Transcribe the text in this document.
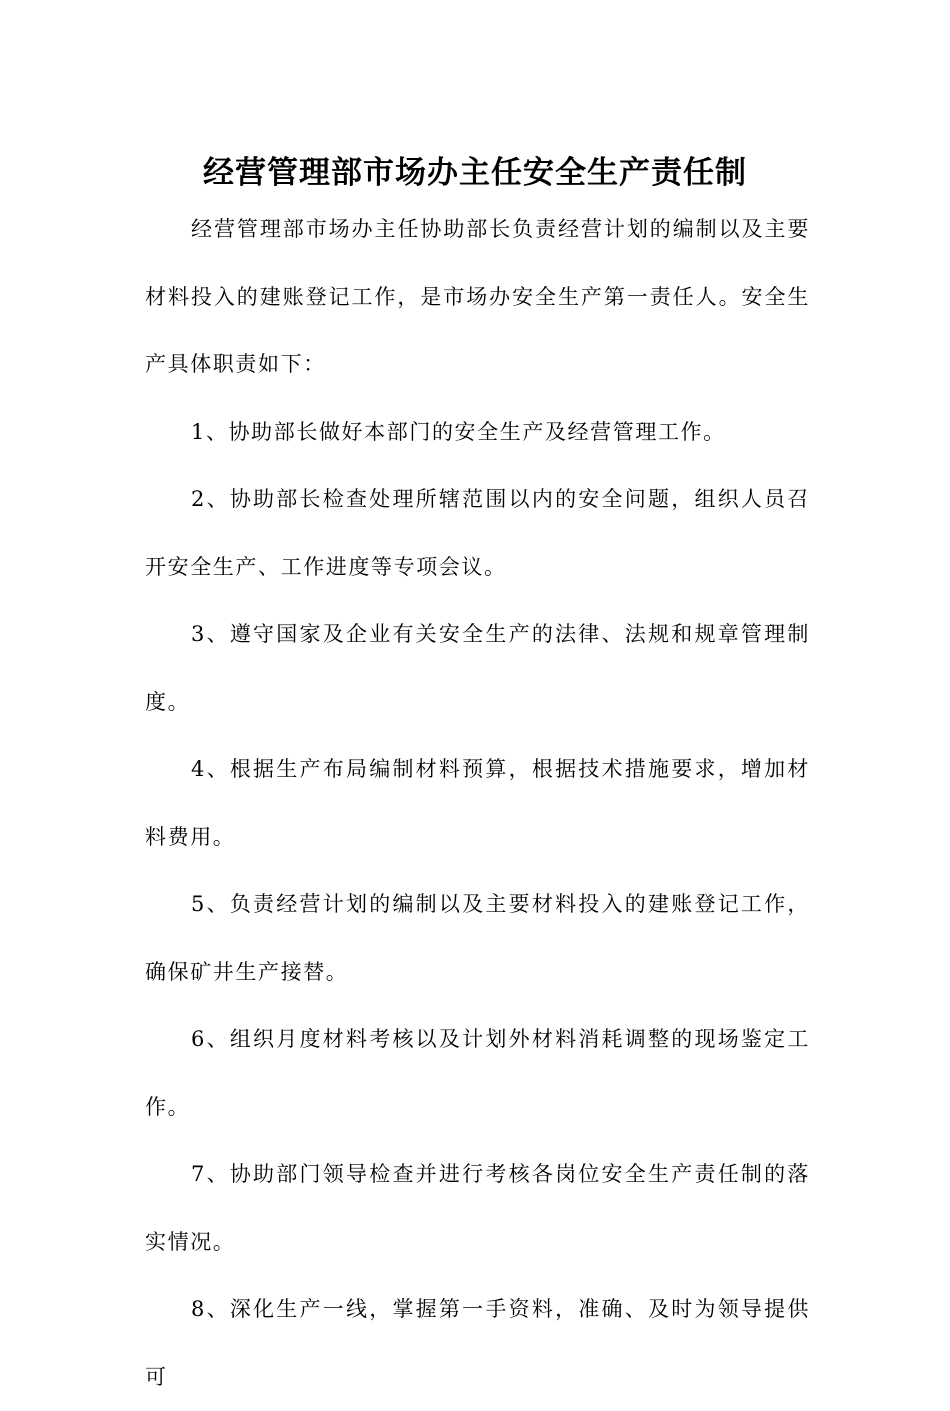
经营管理部市场办主任安全生产责任制

经营管理部市场办主任协助部长负责经营计划的编制以及主要材料投入的建账登记工作，是市场办安全生产第一责任人。安全生产具体职责如下：

1、协助部长做好本部门的安全生产及经营管理工作。

2、协助部长检查处理所辖范围以内的安全问题，组织人员召开安全生产、工作进度等专项会议。

3、遵守国家及企业有关安全生产的法律、法规和规章管理制度。

4、根据生产布局编制材料预算，根据技术措施要求，增加材料费用。

5、负责经营计划的编制以及主要材料投入的建账登记工作，确保矿井生产接替。

6、组织月度材料考核以及计划外材料消耗调整的现场鉴定工作。

7、协助部门领导检查并进行考核各岗位安全生产责任制的落实情况。

8、深化生产一线，掌握第一手资料，准确、及时为领导提供可
